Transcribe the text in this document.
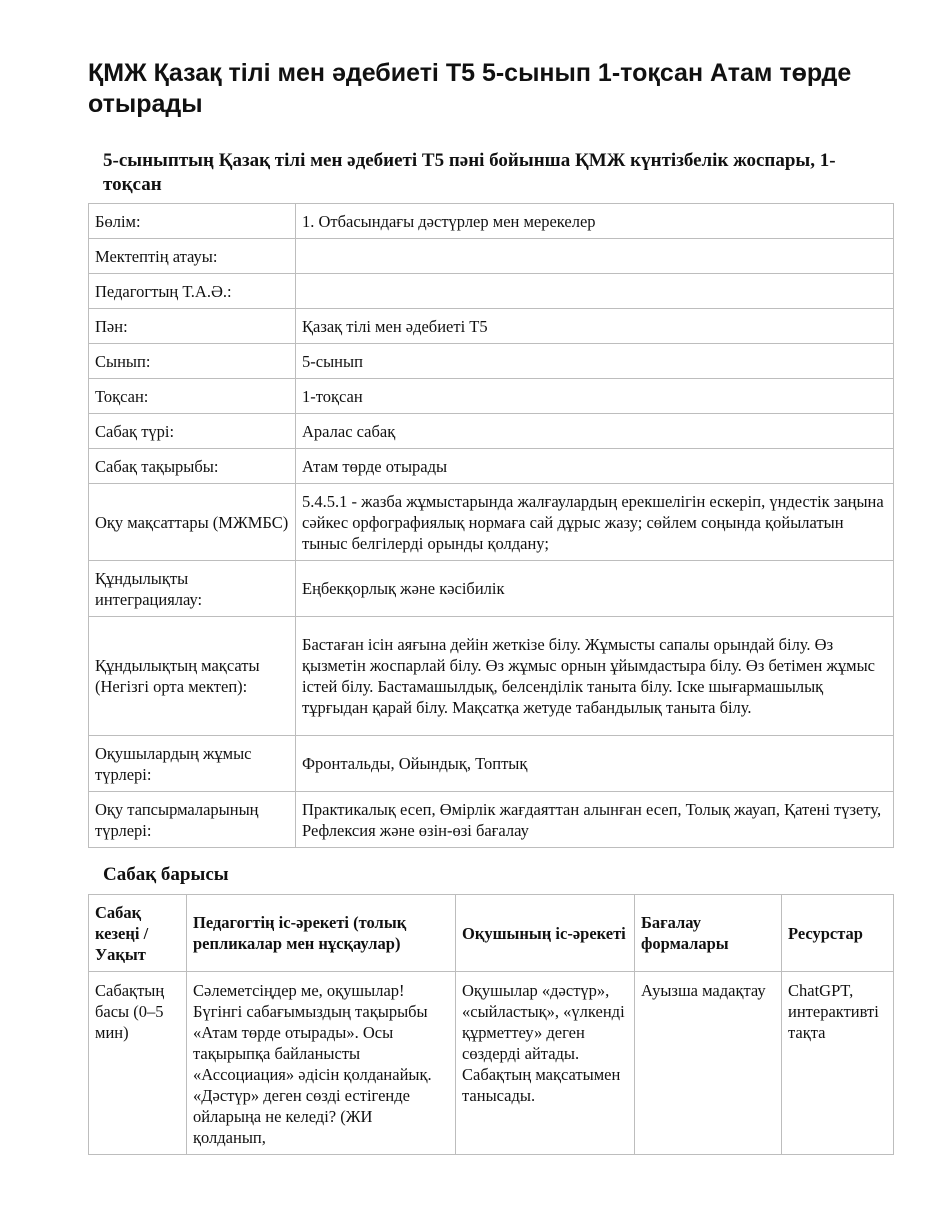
ҚМЖ Қазақ тілі мен әдебиеті Т5 5-сынып 1-тоқсан Атам төрде отырады
5-сыныптың Қазақ тілі мен әдебиеті Т5 пәні бойынша ҚМЖ күнтізбелік жоспары, 1-тоқсан
Бөлім:	1. Отбасындағы дәстүрлер мен мерекелер
Мектептің атауы:	
Педагогтың Т.А.Ә.:	
Пән:	Қазақ тілі мен әдебиеті Т5
Сынып:	5-сынып
Тоқсан:	1-тоқсан
Сабақ түрі:	Аралас сабақ
Сабақ тақырыбы:	Атам төрде отырады
Оқу мақсаттары (МЖМБС)	5.4.5.1 - жазба жұмыстарында жалғаулардың ерекшелігін ескеріп, үндестік заңына сәйкес орфографиялық нормаға сай дұрыс жазу; сөйлем соңында қойылатын тыныс белгілерді орынды қолдану;
Құндылықты интеграциялау:	Еңбекқорлық және кәсібилік
Құндылықтың мақсаты (Негізгі орта мектеп):	Бастаған ісін аяғына дейін жеткізе білу. Жұмысты сапалы орындай білу. Өз қызметін жоспарлай білу. Өз жұмыс орнын ұйымдастыра білу. Өз бетімен жұмыс істей білу. Бастамашылдық, белсенділік таныта білу. Іске шығармашылық тұрғыдан қарай білу. Мақсатқа жетуде табандылық таныта білу.
Оқушылардың жұмыс түрлері:	Фронтальды, Ойындық, Топтық
Оқу тапсырмаларының түрлері:	Практикалық есеп, Өмірлік жағдаяттан алынған есеп, Толық жауап, Қатені түзету, Рефлексия және өзін-өзі бағалау
Сабақ барысы
Сабақ кезеңі / Уақыт	Педагогтің іс-әрекеті (толық репликалар мен нұсқаулар)	Оқушының іс-әрекеті	Бағалау формалары	Ресурстар
Сабақтың басы (0–5 мин)	Сәлеметсіңдер ме, оқушылар! Бүгінгі сабағымыздың тақырыбы «Атам төрде отырады». Осы тақырыпқа байланысты «Ассоциация» әдісін қолданайық. «Дәстүр» деген сөзді естігенде ойларыңа не келеді? (ЖИ қолданып,	Оқушылар «дәстүр», «сыйластық», «үлкенді құрметтеу» деген сөздерді айтады. Сабақтың мақсатымен танысады.	Ауызша мадақтау	ChatGPT, интерактивті тақта
